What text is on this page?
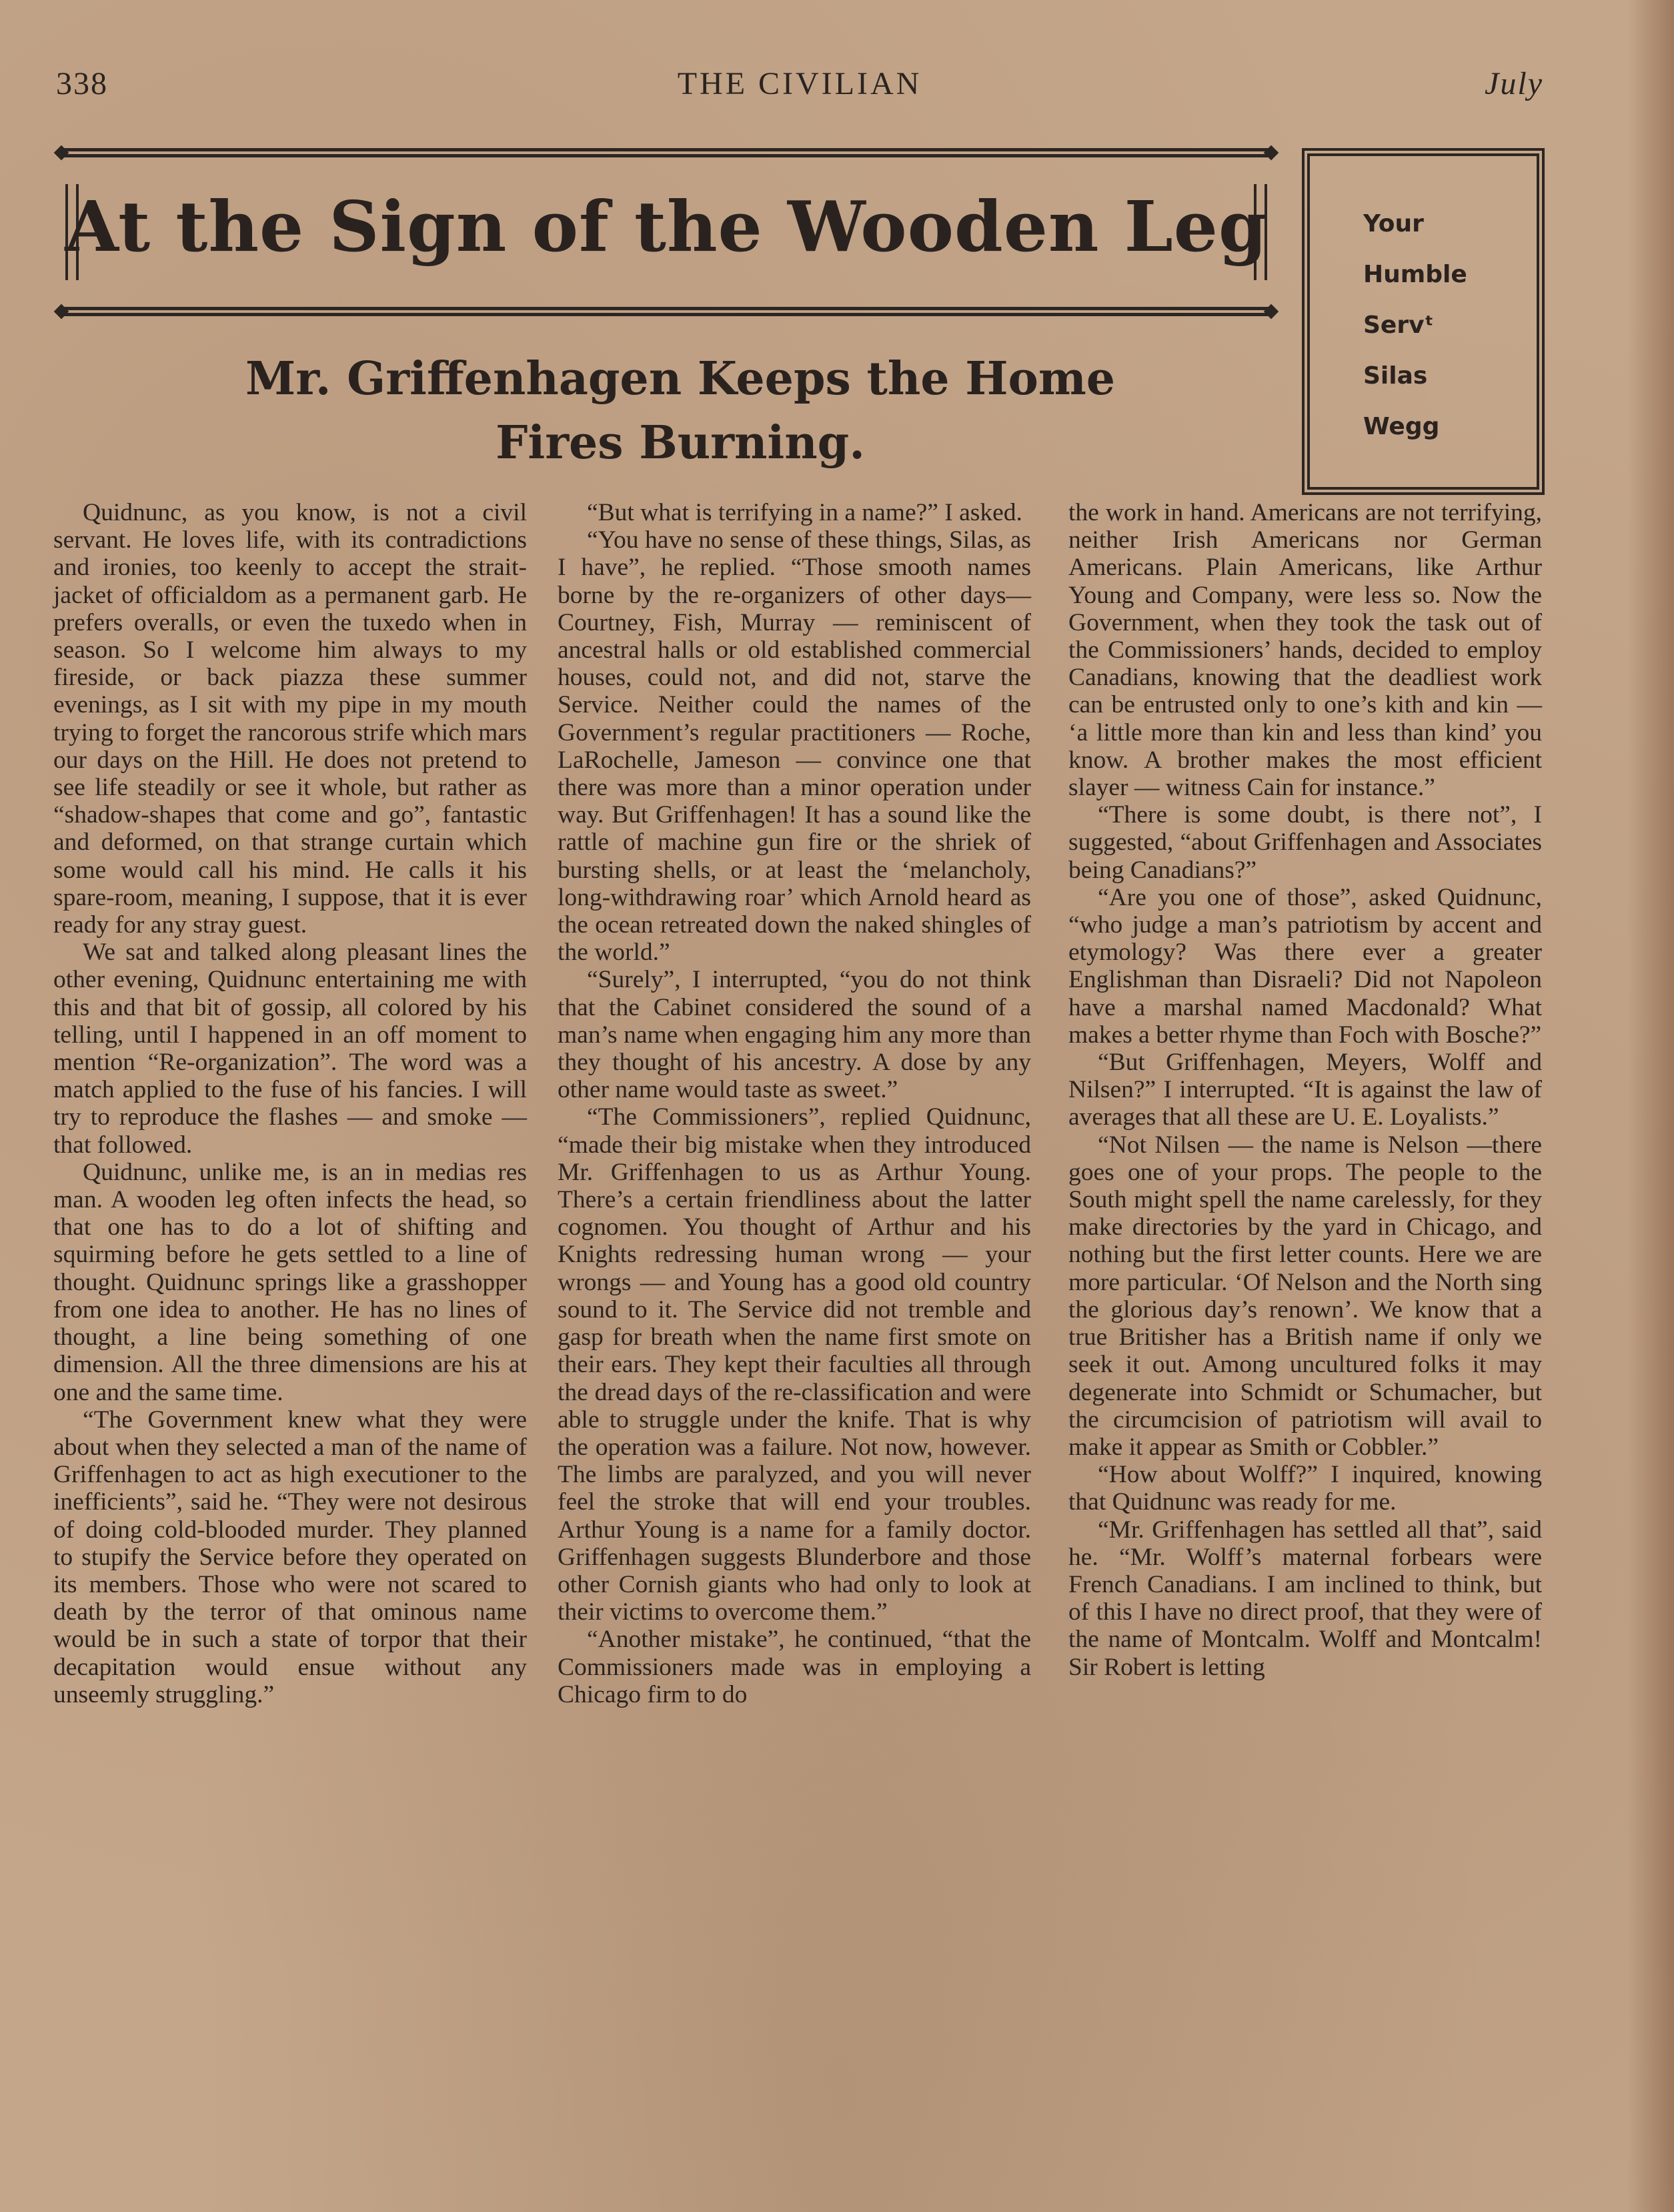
338	THE CIVILIAN	July
At the Sign of the Wooden Leg	Your
Humble
Servᵗ
Silas
Wegg
Mr. Griffenhagen Keeps the Home
Fires Burning.

Quidnunc, as you know, is not a civil servant. He loves life, with its contradictions and ironies, too keenly to accept the strait-jacket of officialdom as a permanent garb. He prefers overalls, or even the tuxedo when in season. So I welcome him always to my fireside, or back piazza these summer evenings, as I sit with my pipe in my mouth trying to forget the rancorous strife which mars our days on the Hill. He does not pretend to see life steadily or see it whole, but rather as “shadow-shapes that come and go”, fantastic and deformed, on that strange curtain which some would call his mind. He calls it his spare-room, meaning, I suppose, that it is ever ready for any stray guest.

We sat and talked along pleasant lines the other evening, Quidnunc entertaining me with this and that bit of gossip, all colored by his telling, until I happened in an off moment to mention “Re-organization”. The word was a match applied to the fuse of his fancies. I will try to reproduce the flashes — and smoke — that followed.

Quidnunc, unlike me, is an in medias res man. A wooden leg often infects the head, so that one has to do a lot of shifting and squirming before he gets settled to a line of thought. Quidnunc springs like a grasshopper from one idea to another. He has no lines of thought, a line being something of one dimension. All the three dimensions are his at one and the same time.

“The Government knew what they were about when they selected a man of the name of Griffenhagen to act as high executioner to the inefficients”, said he. “They were not desirous of doing cold-blooded murder. They planned to stupify the Service before they operated on its members. Those who were not scared to death by the terror of that ominous name would be in such a state of torpor that their decapitation would ensue without any unseemly struggling.”

“But what is terrifying in a name?” I asked.

“You have no sense of these things, Silas, as I have”, he replied. “Those smooth names borne by the re-organizers of other days—Courtney, Fish, Murray — reminiscent of ancestral halls or old established commercial houses, could not, and did not, starve the Service. Neither could the names of the Government’s regular practitioners — Roche, LaRochelle, Jameson — convince one that there was more than a minor operation under way. But Griffenhagen! It has a sound like the rattle of machine gun fire or the shriek of bursting shells, or at least the ‘melancholy, long-withdrawing roar’ which Arnold heard as the ocean retreated down the naked shingles of the world.”

“Surely”, I interrupted, “you do not think that the Cabinet considered the sound of a man’s name when engaging him any more than they thought of his ancestry. A dose by any other name would taste as sweet.”

“The Commissioners”, replied Quidnunc, “made their big mistake when they introduced Mr. Griffenhagen to us as Arthur Young. There’s a certain friendliness about the latter cognomen. You thought of Arthur and his Knights redressing human wrong — your wrongs — and Young has a good old country sound to it. The Service did not tremble and gasp for breath when the name first smote on their ears. They kept their faculties all through the dread days of the re-classification and were able to struggle under the knife. That is why the operation was a failure. Not now, however. The limbs are paralyzed, and you will never feel the stroke that will end your troubles. Arthur Young is a name for a family doctor. Griffenhagen suggests Blunderbore and those other Cornish giants who had only to look at their victims to overcome them.”

“Another mistake”, he continued, “that the Commissioners made was in employing a Chicago firm to do

the work in hand. Americans are not terrifying, neither Irish Americans nor German Americans. Plain Americans, like Arthur Young and Company, were less so. Now the Government, when they took the task out of the Commissioners’ hands, decided to employ Canadians, knowing that the deadliest work can be entrusted only to one’s kith and kin — ‘a little more than kin and less than kind’ you know. A brother makes the most efficient slayer — witness Cain for instance.”

“There is some doubt, is there not”, I suggested, “about Griffenhagen and Associates being Canadians?”

“Are you one of those”, asked Quidnunc, “who judge a man’s patriotism by accent and etymology? Was there ever a greater Englishman than Disraeli? Did not Napoleon have a marshal named Macdonald? What makes a better rhyme than Foch with Bosche?”

“But Griffenhagen, Meyers, Wolff and Nilsen?” I interrupted. “It is against the law of averages that all these are U. E. Loyalists.”

“Not Nilsen — the name is Nelson —there goes one of your props. The people to the South might spell the name carelessly, for they make directories by the yard in Chicago, and nothing but the first letter counts. Here we are more particular. ‘Of Nelson and the North sing the glorious day’s renown’. We know that a true Britisher has a British name if only we seek it out. Among uncultured folks it may degenerate into Schmidt or Schumacher, but the circumcision of patriotism will avail to make it appear as Smith or Cobbler.”

“How about Wolff?” I inquired, knowing that Quidnunc was ready for me.

“Mr. Griffenhagen has settled all that”, said he. “Mr. Wolff’s maternal forbears were French Canadians. I am inclined to think, but of this I have no direct proof, that they were of the name of Montcalm. Wolff and Montcalm! Sir Robert is letting
